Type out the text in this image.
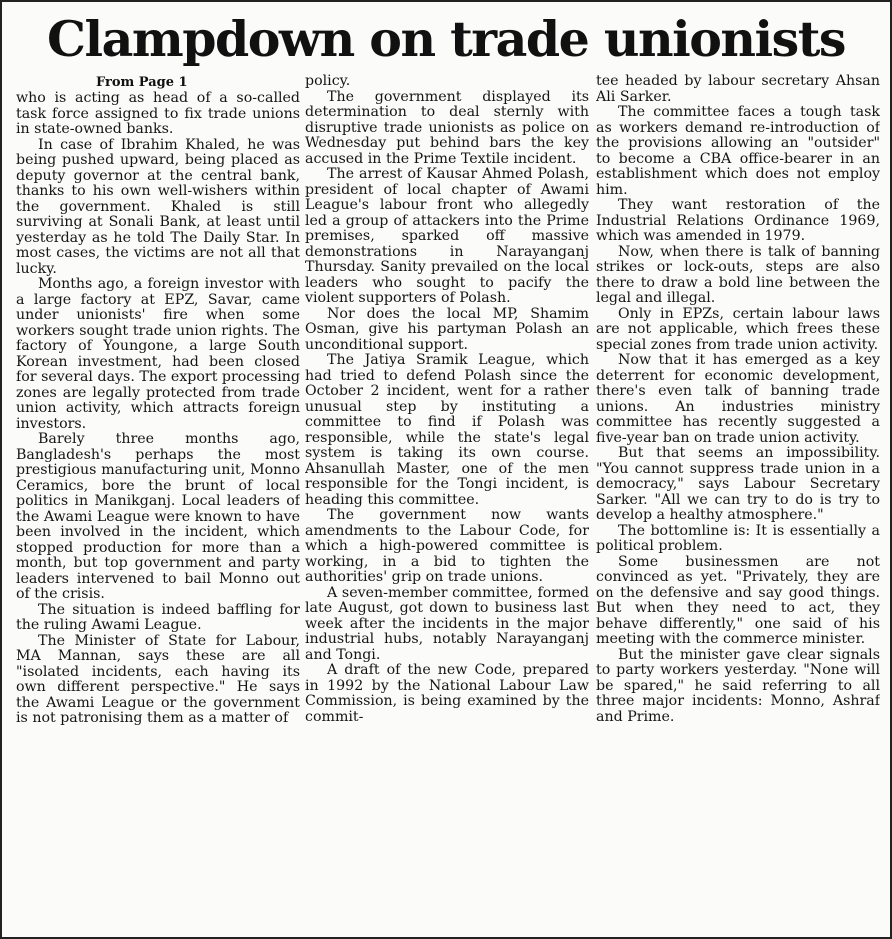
Clampdown on trade unionists
From Page 1

who is acting as head of a so-called task force assigned to fix trade unions in state-owned banks.

In case of Ibrahim Khaled, he was being pushed upward, being placed as deputy governor at the central bank, thanks to his own well-wishers within the government. Khaled is still surviving at Sonali Bank, at least until yesterday as he told The Daily Star. In most cases, the victims are not all that lucky.

Months ago, a foreign investor with a large factory at EPZ, Savar, came under unionists' fire when some workers sought trade union rights. The factory of Youngone, a large South Korean investment, had been closed for several days. The export processing zones are legally protected from trade union activity, which attracts foreign investors.

Barely three months ago, Bangladesh's perhaps the most prestigious manufacturing unit, Monno Ceramics, bore the brunt of local politics in Manikganj. Local leaders of the Awami League were known to have been involved in the incident, which stopped production for more than a month, but top government and party leaders intervened to bail Monno out of the crisis.

The situation is indeed baffling for the ruling Awami League.

The Minister of State for Labour, MA Mannan, says these are all "isolated incidents, each having its own different perspective." He says the Awami League or the government is not patronising them as a matter of

policy.

The government displayed its determination to deal sternly with disruptive trade unionists as police on Wednesday put behind bars the key accused in the Prime Textile incident.

The arrest of Kausar Ahmed Polash, president of local chapter of Awami League's labour front who allegedly led a group of attackers into the Prime premises, sparked off massive demonstrations in Narayanganj Thursday. Sanity prevailed on the local leaders who sought to pacify the violent supporters of Polash.

Nor does the local MP, Shamim Osman, give his partyman Polash an unconditional support.

The Jatiya Sramik League, which had tried to defend Polash since the October 2 incident, went for a rather unusual step by instituting a committee to find if Polash was responsible, while the state's legal system is taking its own course. Ahsanullah Master, one of the men responsible for the Tongi incident, is heading this committee.

The government now wants amendments to the Labour Code, for which a high-powered committee is working, in a bid to tighten the authorities' grip on trade unions.

A seven-member committee, formed late August, got down to business last week after the incidents in the major industrial hubs, notably Narayanganj and Tongi.

A draft of the new Code, prepared in 1992 by the National Labour Law Commission, is being examined by the commit-

tee headed by labour secretary Ahsan Ali Sarker.

The committee faces a tough task as workers demand re-introduction of the provisions allowing an "outsider" to become a CBA office-bearer in an establishment which does not employ him.

They want restoration of the Industrial Relations Ordinance 1969, which was amended in 1979.

Now, when there is talk of banning strikes or lock-outs, steps are also there to draw a bold line between the legal and illegal.

Only in EPZs, certain labour laws are not applicable, which frees these special zones from trade union activity.

Now that it has emerged as a key deterrent for economic development, there's even talk of banning trade unions. An industries ministry committee has recently suggested a five-year ban on trade union activity.

But that seems an impossibility. "You cannot suppress trade union in a democracy," says Labour Secretary Sarker. "All we can try to do is try to develop a healthy atmosphere."

The bottomline is: It is essentially a political problem.

Some businessmen are not convinced as yet. "Privately, they are on the defensive and say good things. But when they need to act, they behave differently," one said of his meeting with the commerce minister.

But the minister gave clear signals to party workers yesterday. "None will be spared," he said referring to all three major incidents: Monno, Ashraf and Prime.
